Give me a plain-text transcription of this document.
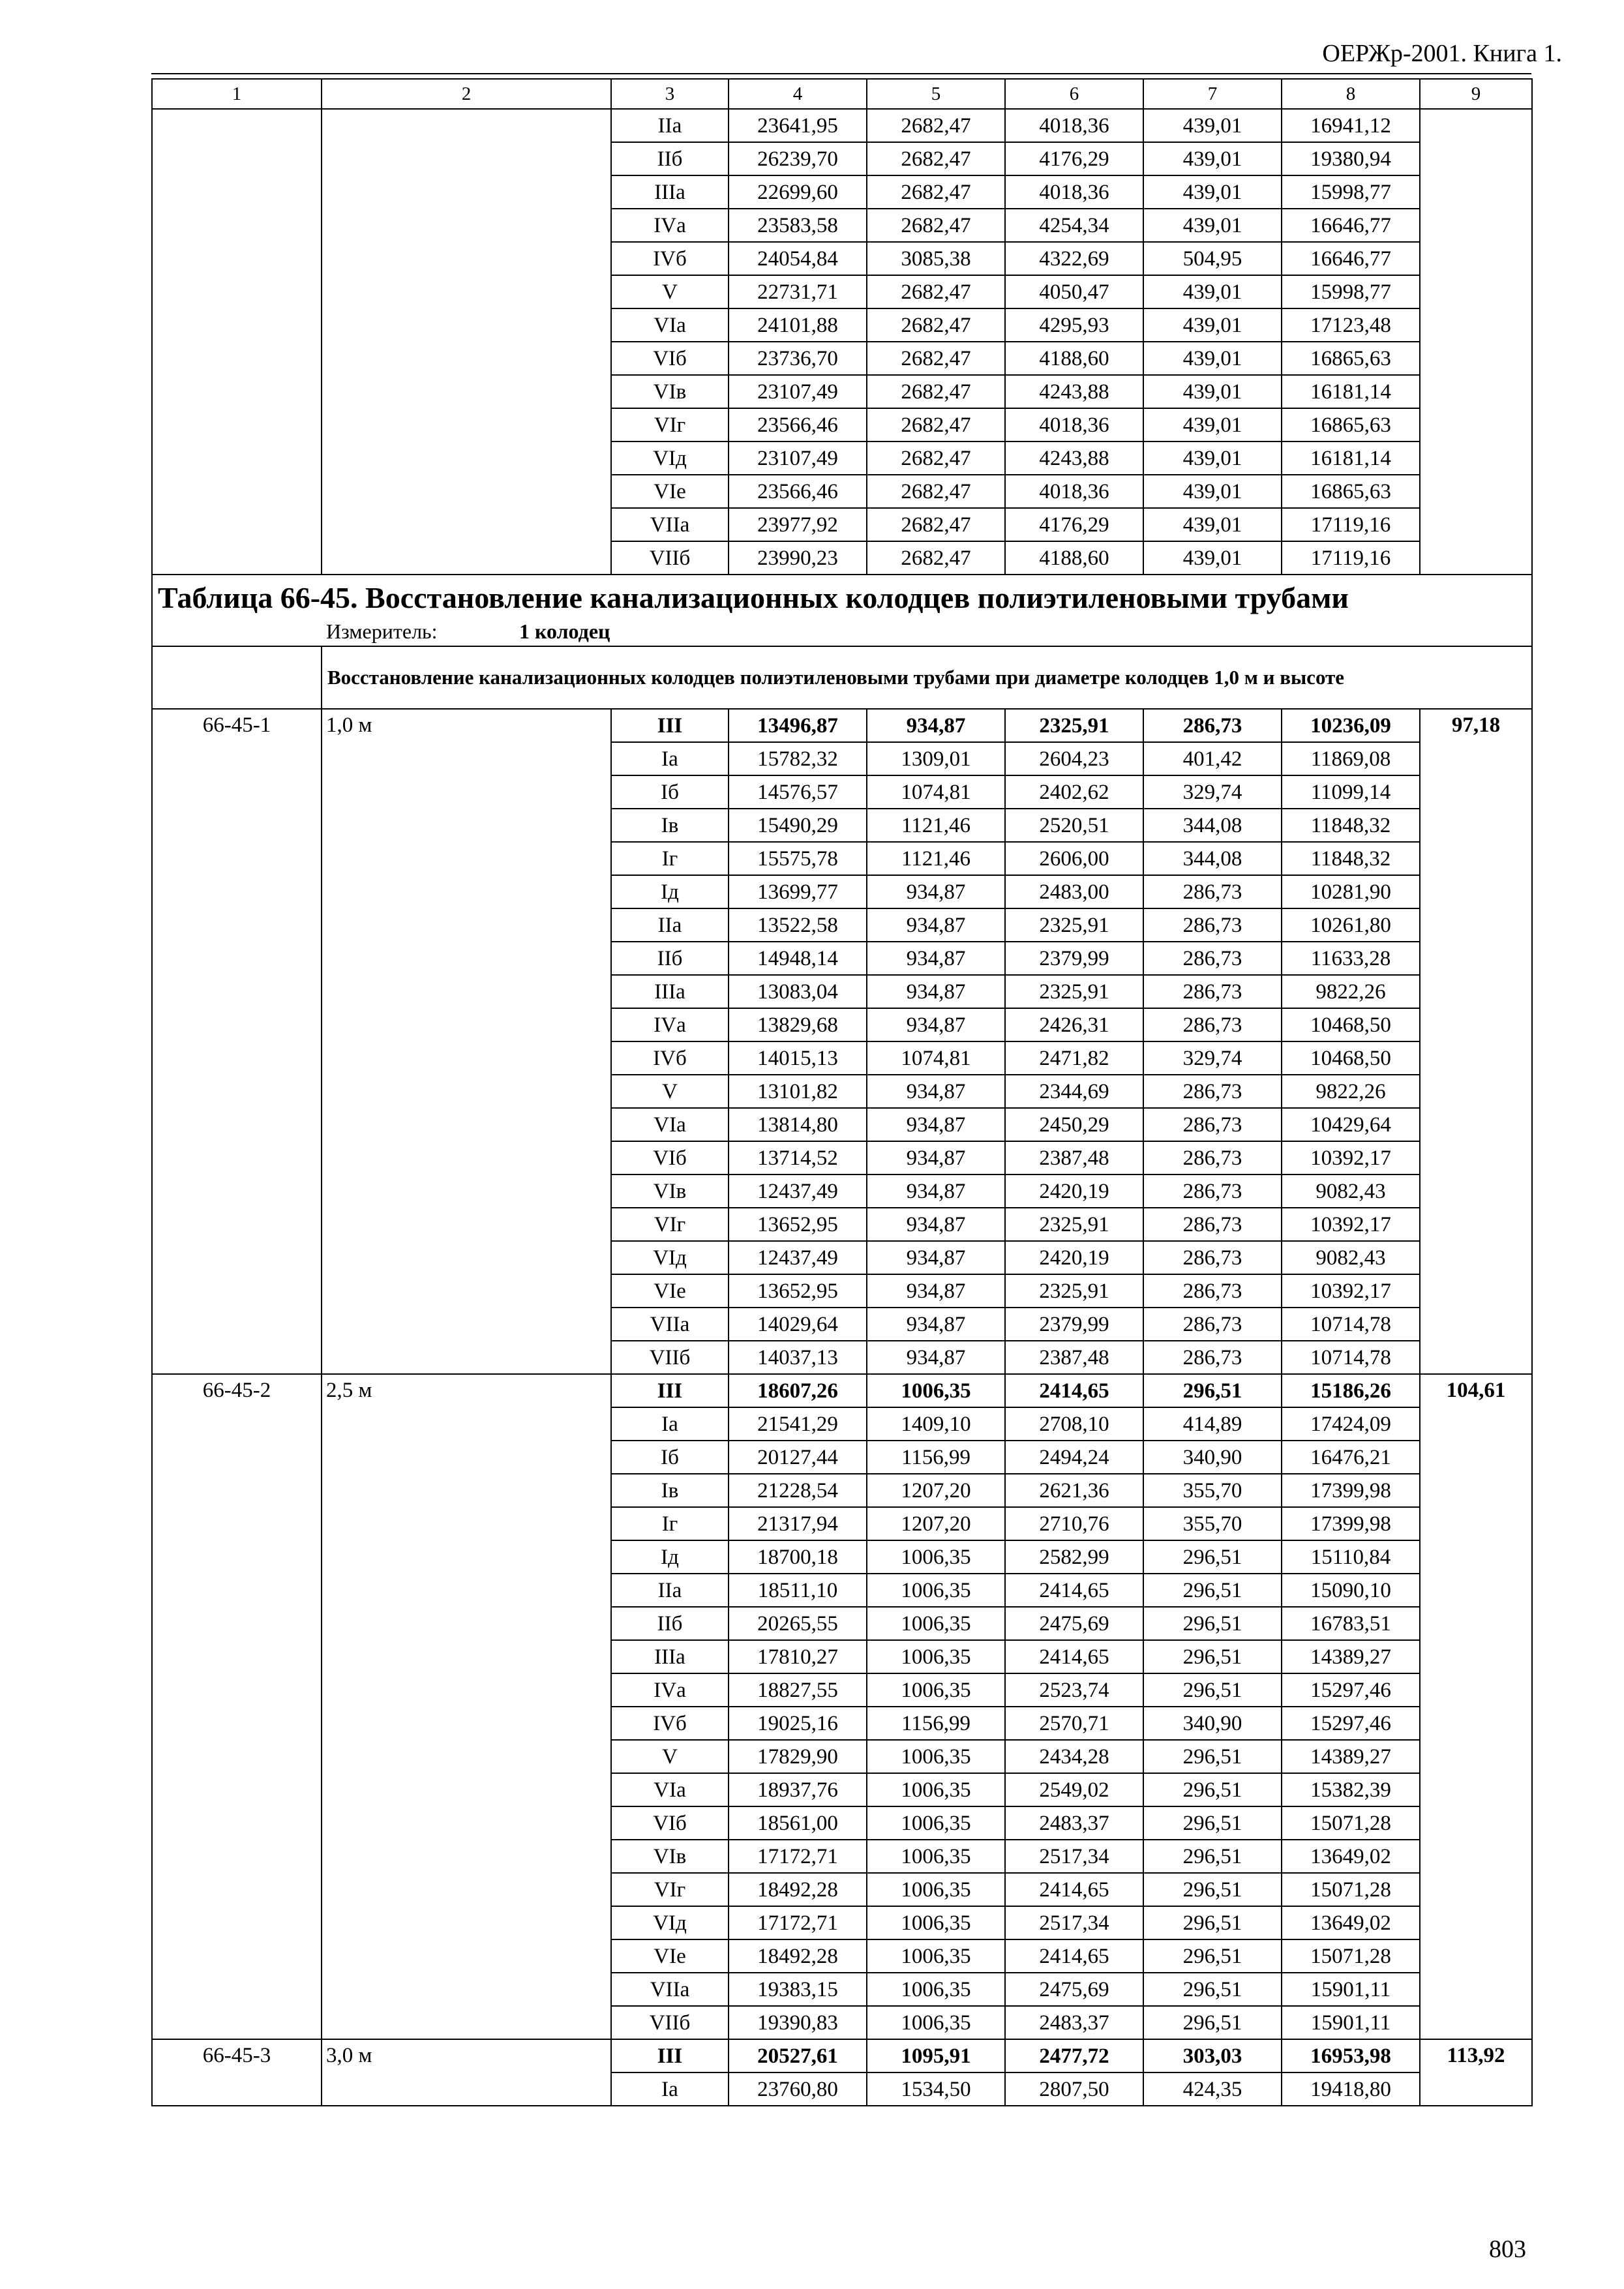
ОЕРЖр-2001. Книга 1.
1	2	3	4	5	6	7	8	9
		IIа	23641,95	2682,47	4018,36	439,01	16941,12	
		IIб	26239,70	2682,47	4176,29	439,01	19380,94	
		IIIа	22699,60	2682,47	4018,36	439,01	15998,77	
		IVа	23583,58	2682,47	4254,34	439,01	16646,77	
		IVб	24054,84	3085,38	4322,69	504,95	16646,77	
		V	22731,71	2682,47	4050,47	439,01	15998,77	
		VIа	24101,88	2682,47	4295,93	439,01	17123,48	
		VIб	23736,70	2682,47	4188,60	439,01	16865,63	
		VIв	23107,49	2682,47	4243,88	439,01	16181,14	
		VIг	23566,46	2682,47	4018,36	439,01	16865,63	
		VIд	23107,49	2682,47	4243,88	439,01	16181,14	
		VIе	23566,46	2682,47	4018,36	439,01	16865,63	
		VIIа	23977,92	2682,47	4176,29	439,01	17119,16	
		VIIб	23990,23	2682,47	4188,60	439,01	17119,16	
Таблица 66-45. Восстановление канализационных колодцев полиэтиленовыми трубами								
Измеритель: 1 колодец								
	Восстановление канализационных колодцев полиэтиленовыми трубами при диаметре колодцев 1,0 м и высоте							
66-45-1	1,0 м	III	13496,87	934,87	2325,91	286,73	10236,09	97,18
		Iа	15782,32	1309,01	2604,23	401,42	11869,08	
		Iб	14576,57	1074,81	2402,62	329,74	11099,14	
		Iв	15490,29	1121,46	2520,51	344,08	11848,32	
		Iг	15575,78	1121,46	2606,00	344,08	11848,32	
		Iд	13699,77	934,87	2483,00	286,73	10281,90	
		IIа	13522,58	934,87	2325,91	286,73	10261,80	
		IIб	14948,14	934,87	2379,99	286,73	11633,28	
		IIIа	13083,04	934,87	2325,91	286,73	9822,26	
		IVа	13829,68	934,87	2426,31	286,73	10468,50	
		IVб	14015,13	1074,81	2471,82	329,74	10468,50	
		V	13101,82	934,87	2344,69	286,73	9822,26	
		VIа	13814,80	934,87	2450,29	286,73	10429,64	
		VIб	13714,52	934,87	2387,48	286,73	10392,17	
		VIв	12437,49	934,87	2420,19	286,73	9082,43	
		VIг	13652,95	934,87	2325,91	286,73	10392,17	
		VIд	12437,49	934,87	2420,19	286,73	9082,43	
		VIе	13652,95	934,87	2325,91	286,73	10392,17	
		VIIа	14029,64	934,87	2379,99	286,73	10714,78	
		VIIб	14037,13	934,87	2387,48	286,73	10714,78	
66-45-2	2,5 м	III	18607,26	1006,35	2414,65	296,51	15186,26	104,61
		Iа	21541,29	1409,10	2708,10	414,89	17424,09	
		Iб	20127,44	1156,99	2494,24	340,90	16476,21	
		Iв	21228,54	1207,20	2621,36	355,70	17399,98	
		Iг	21317,94	1207,20	2710,76	355,70	17399,98	
		Iд	18700,18	1006,35	2582,99	296,51	15110,84	
		IIа	18511,10	1006,35	2414,65	296,51	15090,10	
		IIб	20265,55	1006,35	2475,69	296,51	16783,51	
		IIIа	17810,27	1006,35	2414,65	296,51	14389,27	
		IVа	18827,55	1006,35	2523,74	296,51	15297,46	
		IVб	19025,16	1156,99	2570,71	340,90	15297,46	
		V	17829,90	1006,35	2434,28	296,51	14389,27	
		VIа	18937,76	1006,35	2549,02	296,51	15382,39	
		VIб	18561,00	1006,35	2483,37	296,51	15071,28	
		VIв	17172,71	1006,35	2517,34	296,51	13649,02	
		VIг	18492,28	1006,35	2414,65	296,51	15071,28	
		VIд	17172,71	1006,35	2517,34	296,51	13649,02	
		VIе	18492,28	1006,35	2414,65	296,51	15071,28	
		VIIа	19383,15	1006,35	2475,69	296,51	15901,11	
		VIIб	19390,83	1006,35	2483,37	296,51	15901,11	
66-45-3	3,0 м	III	20527,61	1095,91	2477,72	303,03	16953,98	113,92
		Iа	23760,80	1534,50	2807,50	424,35	19418,80	
803
